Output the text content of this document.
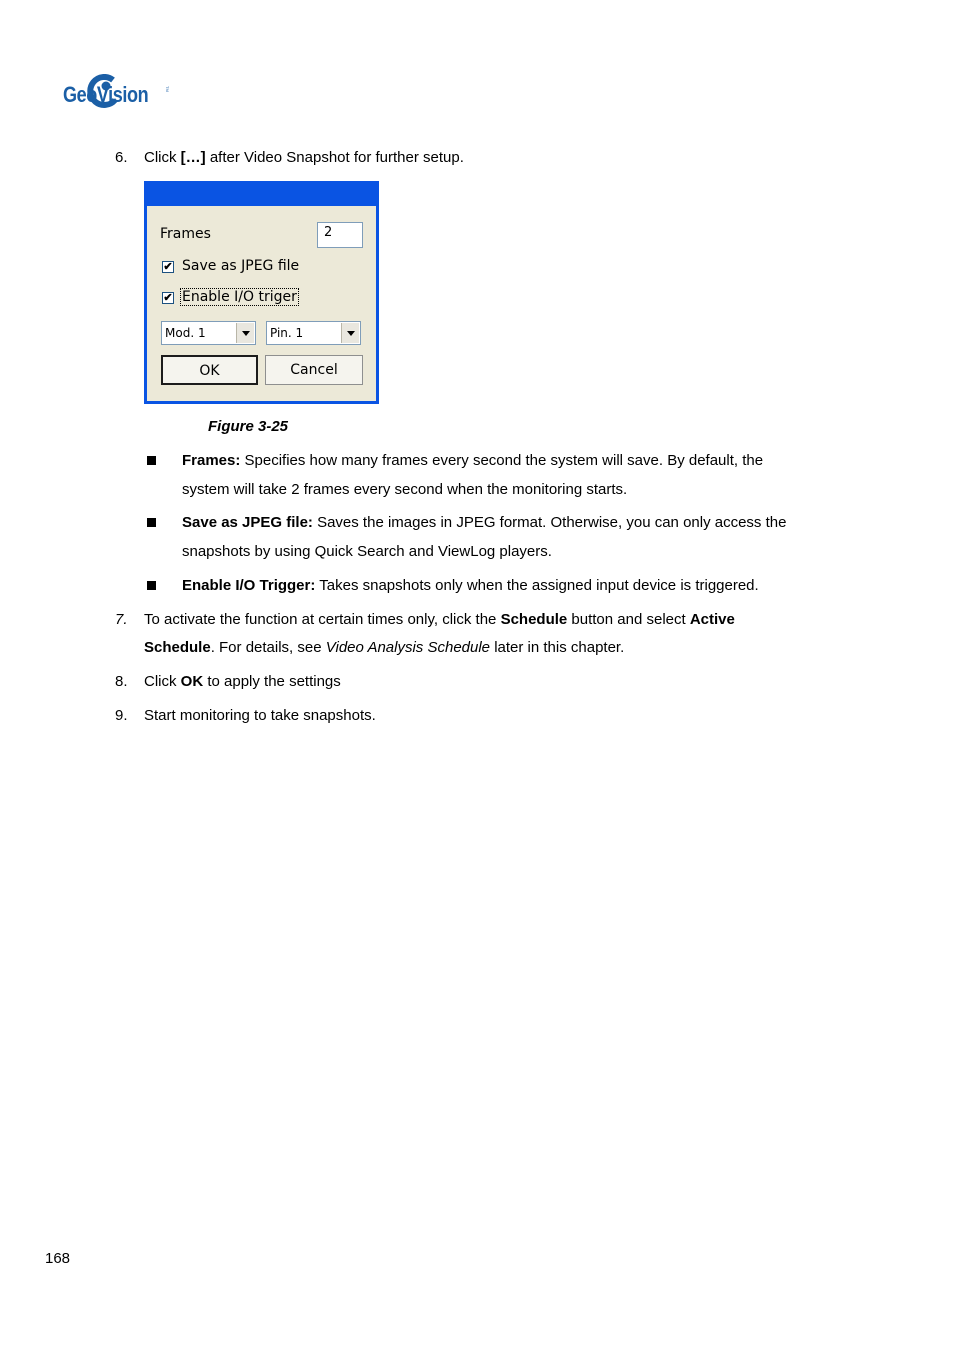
GeoVision	TM
6. Click […] after Video Snapshot for further setup.
Frames	2
✔ Save as JPEG file
✔ Enable I/O triger
Mod. 1	Pin. 1
OK	Cancel
Figure 3-25
Frames: Specifies how many frames every second the system will save. By default, the
system will take 2 frames every second when the monitoring starts.
Save as JPEG file: Saves the images in JPEG format. Otherwise, you can only access the
snapshots by using Quick Search and ViewLog players.
Enable I/O Trigger: Takes snapshots only when the assigned input device is triggered.
7. To activate the function at certain times only, click the Schedule button and select Active
Schedule. For details, see Video Analysis Schedule later in this chapter.
8. Click OK to apply the settings
9. Start monitoring to take snapshots.
168
